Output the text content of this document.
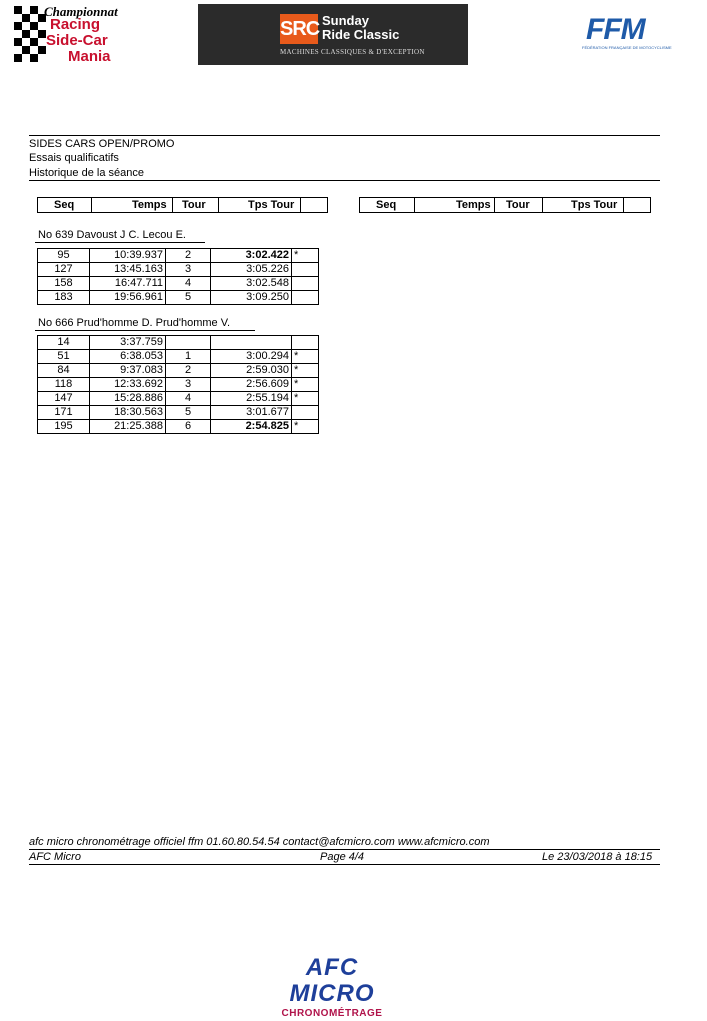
Championnat
Racing
Side-Car
Mania
SRC Sunday
Ride Classic
MACHINES CLASSIQUES & D'EXCEPTION
FFM
FÉDÉRATION FRANÇAISE DE MOTOCYCLISME
SIDES CARS OPEN/PROMO
Essais qualificatifs
Historique de la séance
Seq	Temps Tour	Tps Tour	Seq	Temps Tour	Tps Tour
No 639 Davoust J C. Lecou E.
95	10:39.937	2	3:02.422	*
127	13:45.163	3	3:05.226	
158	16:47.711	4	3:02.548	
183	19:56.961	5	3:09.250	
No 666 Prud'homme D. Prud'homme V.
14	3:37.759			
51	6:38.053	1	3:00.294	*
84	9:37.083	2	2:59.030	*
118	12:33.692	3	2:56.609	*
147	15:28.886	4	2:55.194	*
171	18:30.563	5	3:01.677	
195	21:25.388	6	2:54.825	*
afc micro chronométrage officiel ffm 01.60.80.54.54 contact@afcmicro.com www.afcmicro.com
AFC Micro	Page 4/4	Le 23/03/2018 à 18:15
AFC MICRO
CHRONOMÉTRAGE
